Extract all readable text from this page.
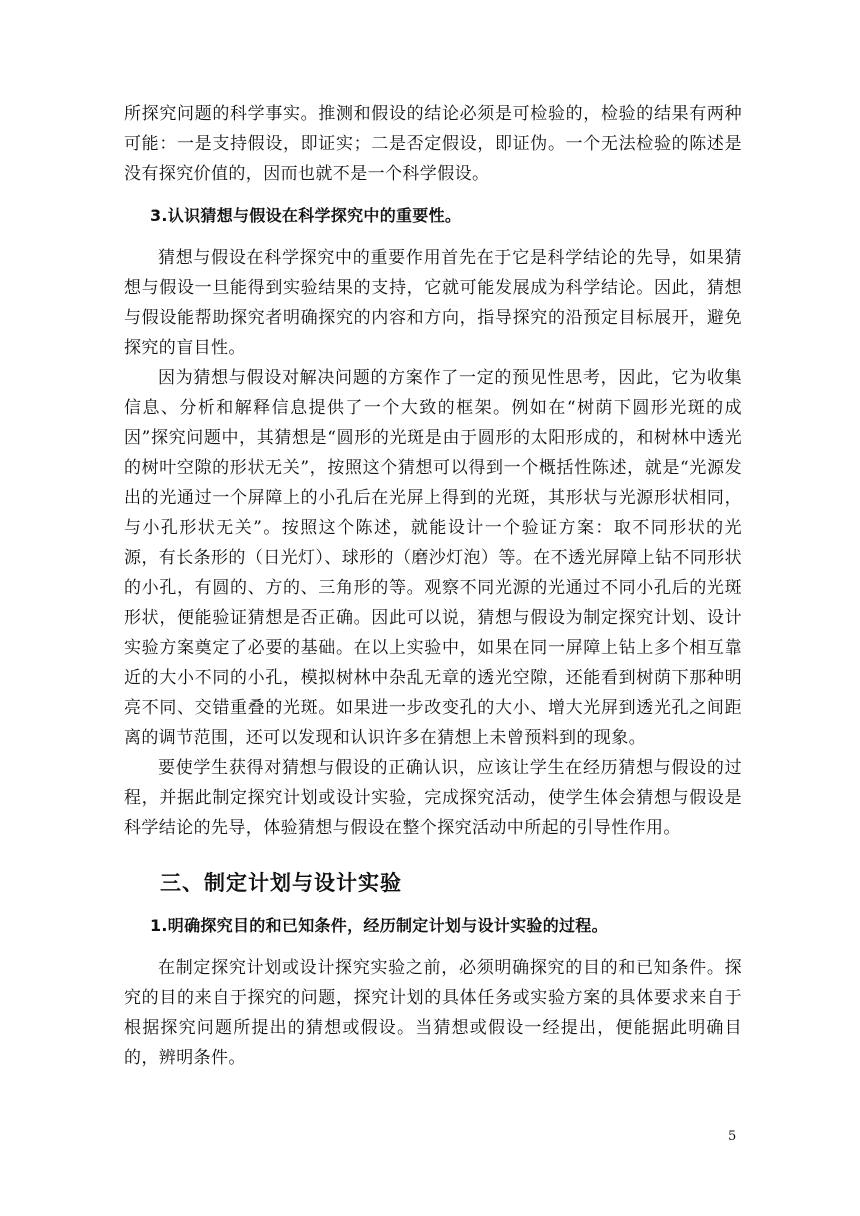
所探究问题的科学事实。推测和假设的结论必须是可检验的，检验的结果有两种可能：一是支持假设，即证实；二是否定假设，即证伪。一个无法检验的陈述是没有探究价值的，因而也就不是一个科学假设。

3.认识猜想与假设在科学探究中的重要性。

猜想与假设在科学探究中的重要作用首先在于它是科学结论的先导，如果猜想与假设一旦能得到实验结果的支持，它就可能发展成为科学结论。因此，猜想与假设能帮助探究者明确探究的内容和方向，指导探究的沿预定目标展开，避免探究的盲目性。

因为猜想与假设对解决问题的方案作了一定的预见性思考，因此，它为收集信息、分析和解释信息提供了一个大致的框架。例如在“树荫下圆形光斑的成因”探究问题中，其猜想是“圆形的光斑是由于圆形的太阳形成的，和树林中透光的树叶空隙的形状无关”，按照这个猜想可以得到一个概括性陈述，就是“光源发出的光通过一个屏障上的小孔后在光屏上得到的光斑，其形状与光源形状相同，与小孔形状无关”。按照这个陈述，就能设计一个验证方案：取不同形状的光源，有长条形的（日光灯）、球形的（磨沙灯泡）等。在不透光屏障上钻不同形状的小孔，有圆的、方的、三角形的等。观察不同光源的光通过不同小孔后的光斑形状，便能验证猜想是否正确。因此可以说，猜想与假设为制定探究计划、设计实验方案奠定了必要的基础。在以上实验中，如果在同一屏障上钻上多个相互靠近的大小不同的小孔，模拟树林中杂乱无章的透光空隙，还能看到树荫下那种明亮不同、交错重叠的光斑。如果进一步改变孔的大小、增大光屏到透光孔之间距离的调节范围，还可以发现和认识许多在猜想上未曾预料到的现象。

要使学生获得对猜想与假设的正确认识，应该让学生在经历猜想与假设的过程，并据此制定探究计划或设计实验，完成探究活动，使学生体会猜想与假设是科学结论的先导，体验猜想与假设在整个探究活动中所起的引导性作用。

三、制定计划与设计实验
1.明确探究目的和已知条件，经历制定计划与设计实验的过程。

在制定探究计划或设计探究实验之前，必须明确探究的目的和已知条件。探究的目的来自于探究的问题，探究计划的具体任务或实验方案的具体要求来自于根据探究问题所提出的猜想或假设。当猜想或假设一经提出，便能据此明确目的，辨明条件。

5
